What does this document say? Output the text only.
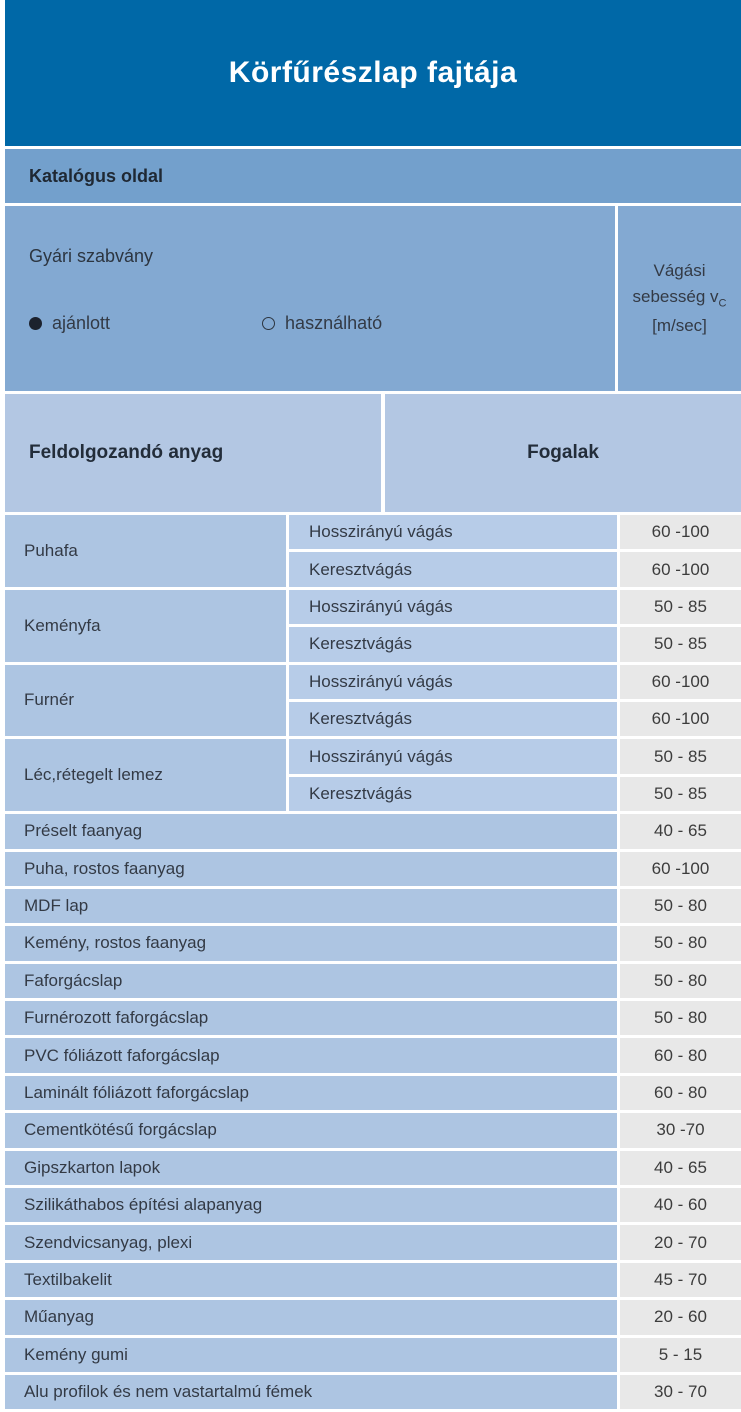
Körfűrészlap fajtája
Katalógus oldal
Gyári szabvány
ajánlott	használható
Vágási
sebesség $v_C$
[m/sec]
Feldolgozandó anyag	Fogalak
Puhafa
Hosszirányú vágás	60 -100
Keresztvágás	60 -100
Keményfa
Hosszirányú vágás	50 - 85
Keresztvágás	50 - 85
Furnér
Hosszirányú vágás	60 -100
Keresztvágás	60 -100
Léc,rétegelt lemez
Hosszirányú vágás	50 - 85
Keresztvágás	50 - 85
Préselt faanyag	40 - 65
Puha, rostos faanyag	60 -100
MDF lap	50 - 80
Kemény, rostos faanyag	50 - 80
Faforgácslap	50 - 80
Furnérozott faforgácslap	50 - 80
PVC fóliázott faforgácslap	60 - 80
Laminált fóliázott faforgácslap	60 - 80
Cementkötésű forgácslap	30 -70
Gipszkarton lapok	40 - 65
Szilikáthabos építési alapanyag	40 - 60
Szendvicsanyag, plexi	20 - 70
Textilbakelit	45 - 70
Műanyag	20 - 60
Kemény gumi	5 - 15
Alu profilok és nem vastartalmú fémek	30 - 70
